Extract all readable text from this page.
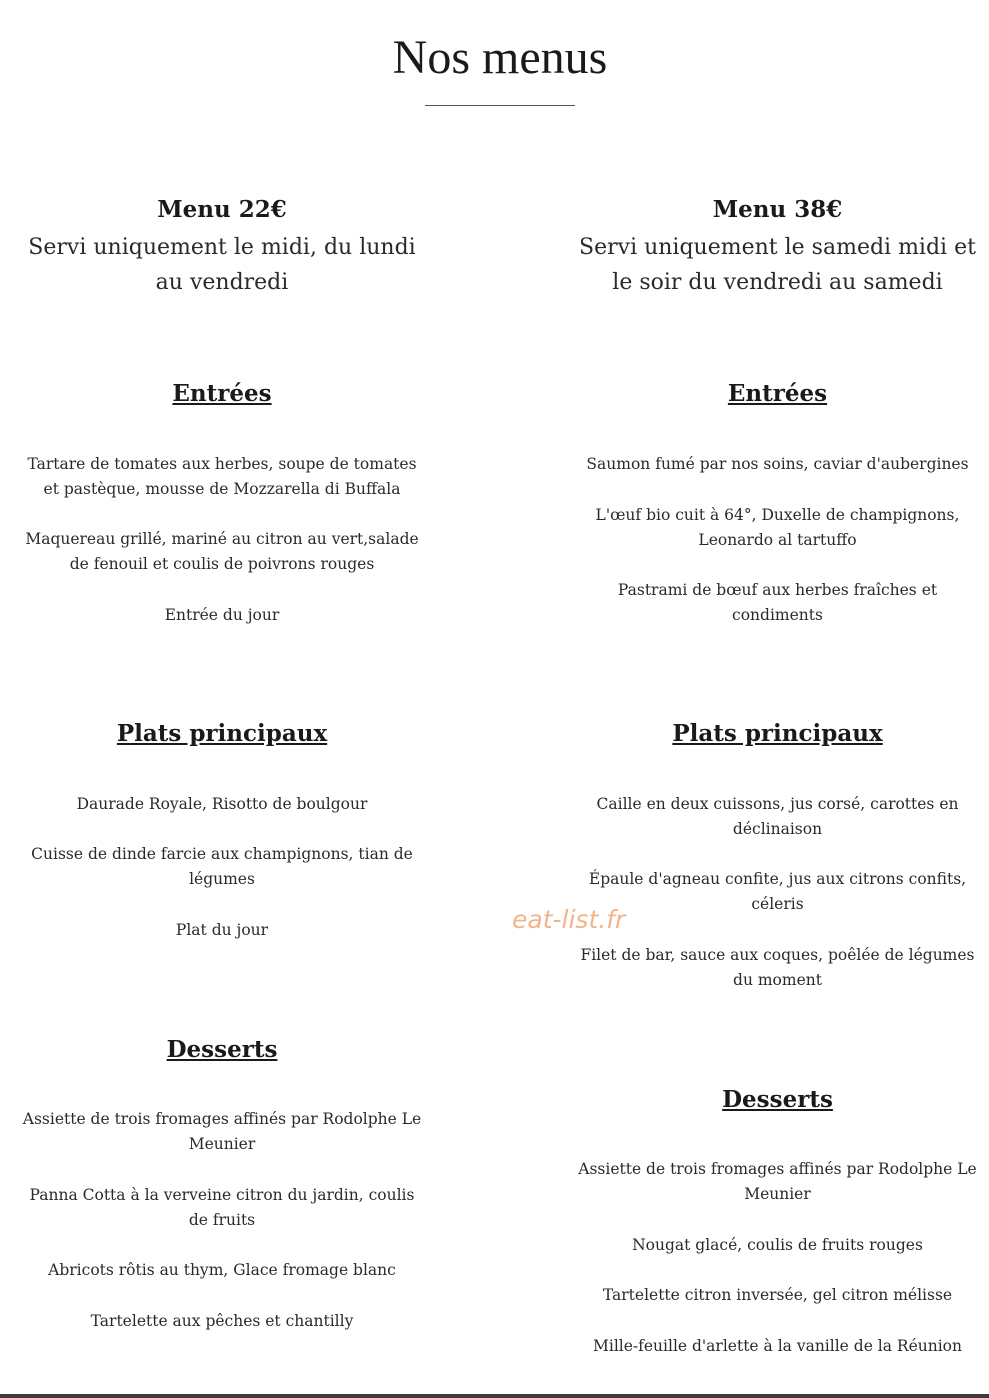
Nos menus
Menu 22€
Servi uniquement le midi, du lundi au vendredi
Entrées
Tartare de tomates aux herbes, soupe de tomates et pastèque, mousse de Mozzarella di Buffala
Maquereau grillé, mariné au citron au vert,salade de fenouil et coulis de poivrons rouges
Entrée du jour
Plats principaux
Daurade Royale, Risotto de boulgour
Cuisse de dinde farcie aux champignons, tian de légumes
Plat du jour
Desserts
Assiette de trois fromages affinés par Rodolphe Le Meunier
Panna Cotta à la verveine citron du jardin, coulis de fruits
Abricots rôtis au thym, Glace fromage blanc
Tartelette aux pêches et chantilly
Menu 38€
Servi uniquement le samedi midi et le soir du vendredi au samedi
Entrées
Saumon fumé par nos soins, caviar d'aubergines
L'œuf bio cuit à 64°, Duxelle de champignons, Leonardo al tartuffo
Pastrami de bœuf aux herbes fraîches et condiments
Plats principaux
Caille en deux cuissons, jus corsé, carottes en déclinaison
Épaule d'agneau confite, jus aux citrons confits, céleris
Filet de bar, sauce aux coques, poêlée de légumes du moment
Desserts
Assiette de trois fromages affinés par Rodolphe Le Meunier
Nougat glacé, coulis de fruits rouges
Tartelette citron inversée, gel citron mélisse
Mille-feuille d'arlette à la vanille de la Réunion
eat-list.fr
